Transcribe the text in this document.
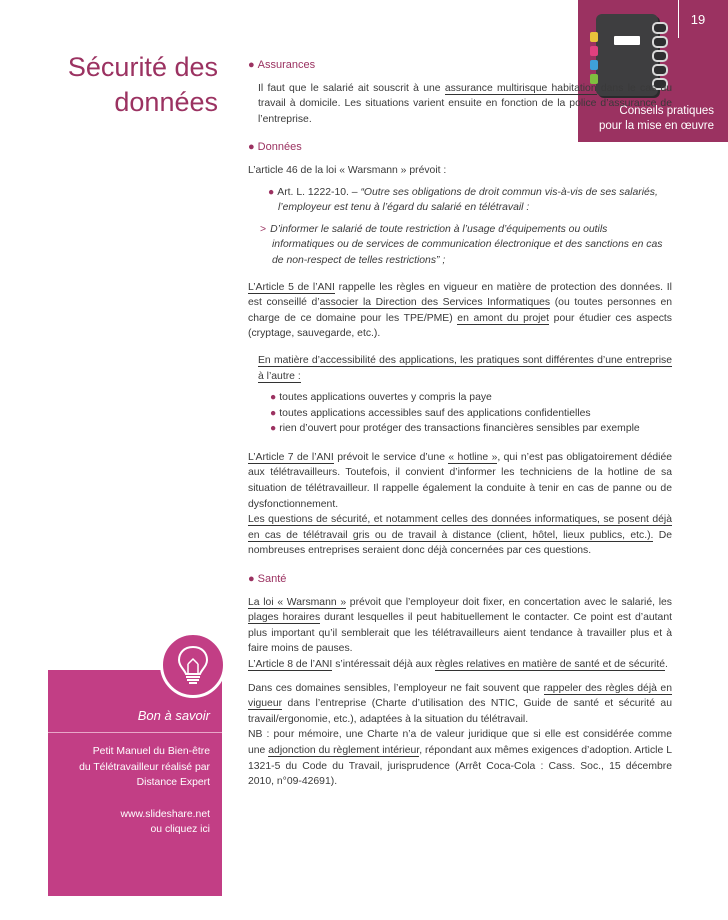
19
Conseils pratiques
pour la mise en œuvre
Sécurité des
données
● Assurances

Il faut que le salarié ait souscrit à une assurance multirisque habitation dans le cas du travail à domicile. Les situations varient ensuite en fonction de la police d’assurance de l’entreprise.

● Données

L’article 46 de la loi « Warsmann » prévoit :

● Art. L. 1222-10. – “Outre ses obligations de droit commun vis-à-vis de ses salariés, l’employeur est tenu à l’égard du salarié en télétravail :

> D’informer le salarié de toute restriction à l’usage d’équipements ou outils informatiques ou de services de communication électronique et des sanctions en cas de non-respect de telles restrictions” ;

L’Article 5 de l’ANI rappelle les règles en vigueur en matière de protection des données. Il est conseillé d’associer la Direction des Services Informatiques (ou toutes personnes en charge de ce domaine pour les TPE/PME) en amont du projet pour étudier ces aspects (cryptage, sauvegarde, etc.).

En matière d’accessibilité des applications, les pratiques sont différentes d’une entreprise à l’autre :

● toutes applications ouvertes y compris la paye
● toutes applications accessibles sauf des applications confidentielles
● rien d’ouvert pour protéger des transactions financières sensibles par exemple

L’Article 7 de l’ANI prévoit le service d’une « hotline », qui n’est pas obligatoirement dédiée aux télétravailleurs. Toutefois, il convient d’informer les techniciens de la hotline de sa situation de télétravailleur. Il rappelle également la conduite à tenir en cas de panne ou de dysfonctionnement.

Les questions de sécurité, et notamment celles des données informatiques, se posent déjà en cas de télétravail gris ou de travail à distance (client, hôtel, lieux publics, etc.). De nombreuses entreprises seraient donc déjà concernées par ces questions.

● Santé

La loi « Warsmann » prévoit que l’employeur doit fixer, en concertation avec le salarié, les plages horaires durant lesquelles il peut habituellement le contacter. Ce point est d’autant plus important qu’il semblerait que les télétravailleurs aient tendance à travailler plus et à faire moins de pauses.

L’Article 8 de l’ANI s’intéressait déjà aux règles relatives en matière de santé et de sécurité.

Dans ces domaines sensibles, l’employeur ne fait souvent que rappeler des règles déjà en vigueur dans l’entreprise (Charte d’utilisation des NTIC, Guide de santé et sécurité au travail/ergonomie, etc.), adaptées à la situation du télétravail.

NB : pour mémoire, une Charte n’a de valeur juridique que si elle est considérée comme une adjonction du règlement intérieur, répondant aux mêmes exigences d’adoption. Article L 1321-5 du Code du Travail, jurisprudence (Arrêt Coca-Cola : Cass. Soc., 15 décembre 2010, n°09-42691).

Bon à savoir
Petit Manuel du Bien-être
du Télétravailleur réalisé par
Distance Expert
www.slideshare.net
ou cliquez ici
